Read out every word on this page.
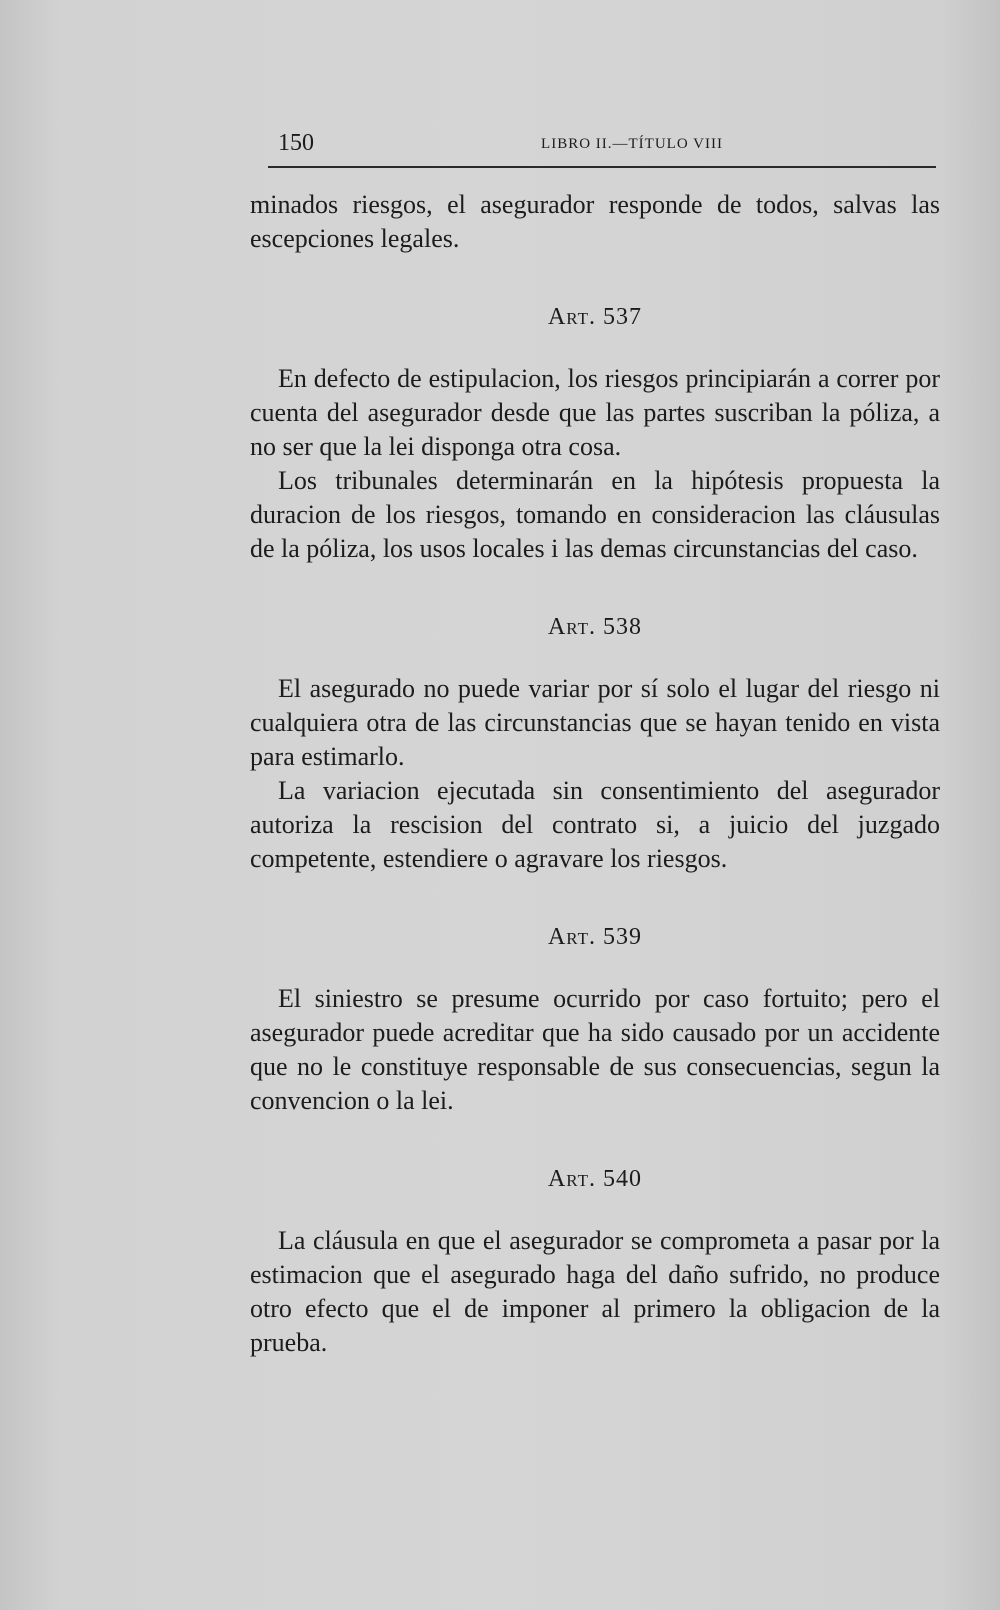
150	LIBRO II.—TÍTULO VIII

minados riesgos, el asegurador responde de todos, salvas las escepciones legales.

Art. 537

En defecto de estipulacion, los riesgos principiarán a correr por cuenta del asegurador desde que las partes suscriban la póliza, a no ser que la lei disponga otra cosa.

Los tribunales determinarán en la hipótesis propuesta la duracion de los riesgos, tomando en consideracion las cláusulas de la póliza, los usos locales i las demas circunstancias del caso.

Art. 538

El asegurado no puede variar por sí solo el lugar del riesgo ni cualquiera otra de las circunstancias que se hayan tenido en vista para estimarlo.

La variacion ejecutada sin consentimiento del asegurador autoriza la rescision del contrato si, a juicio del juzgado competente, estendiere o agravare los riesgos.

Art. 539

El siniestro se presume ocurrido por caso fortuito; pero el asegurador puede acreditar que ha sido causado por un accidente que no le constituye responsable de sus consecuencias, segun la convencion o la lei.

Art. 540

La cláusula en que el asegurador se comprometa a pasar por la estimacion que el asegurado haga del daño sufrido, no produce otro efecto que el de imponer al primero la obligacion de la prueba.
